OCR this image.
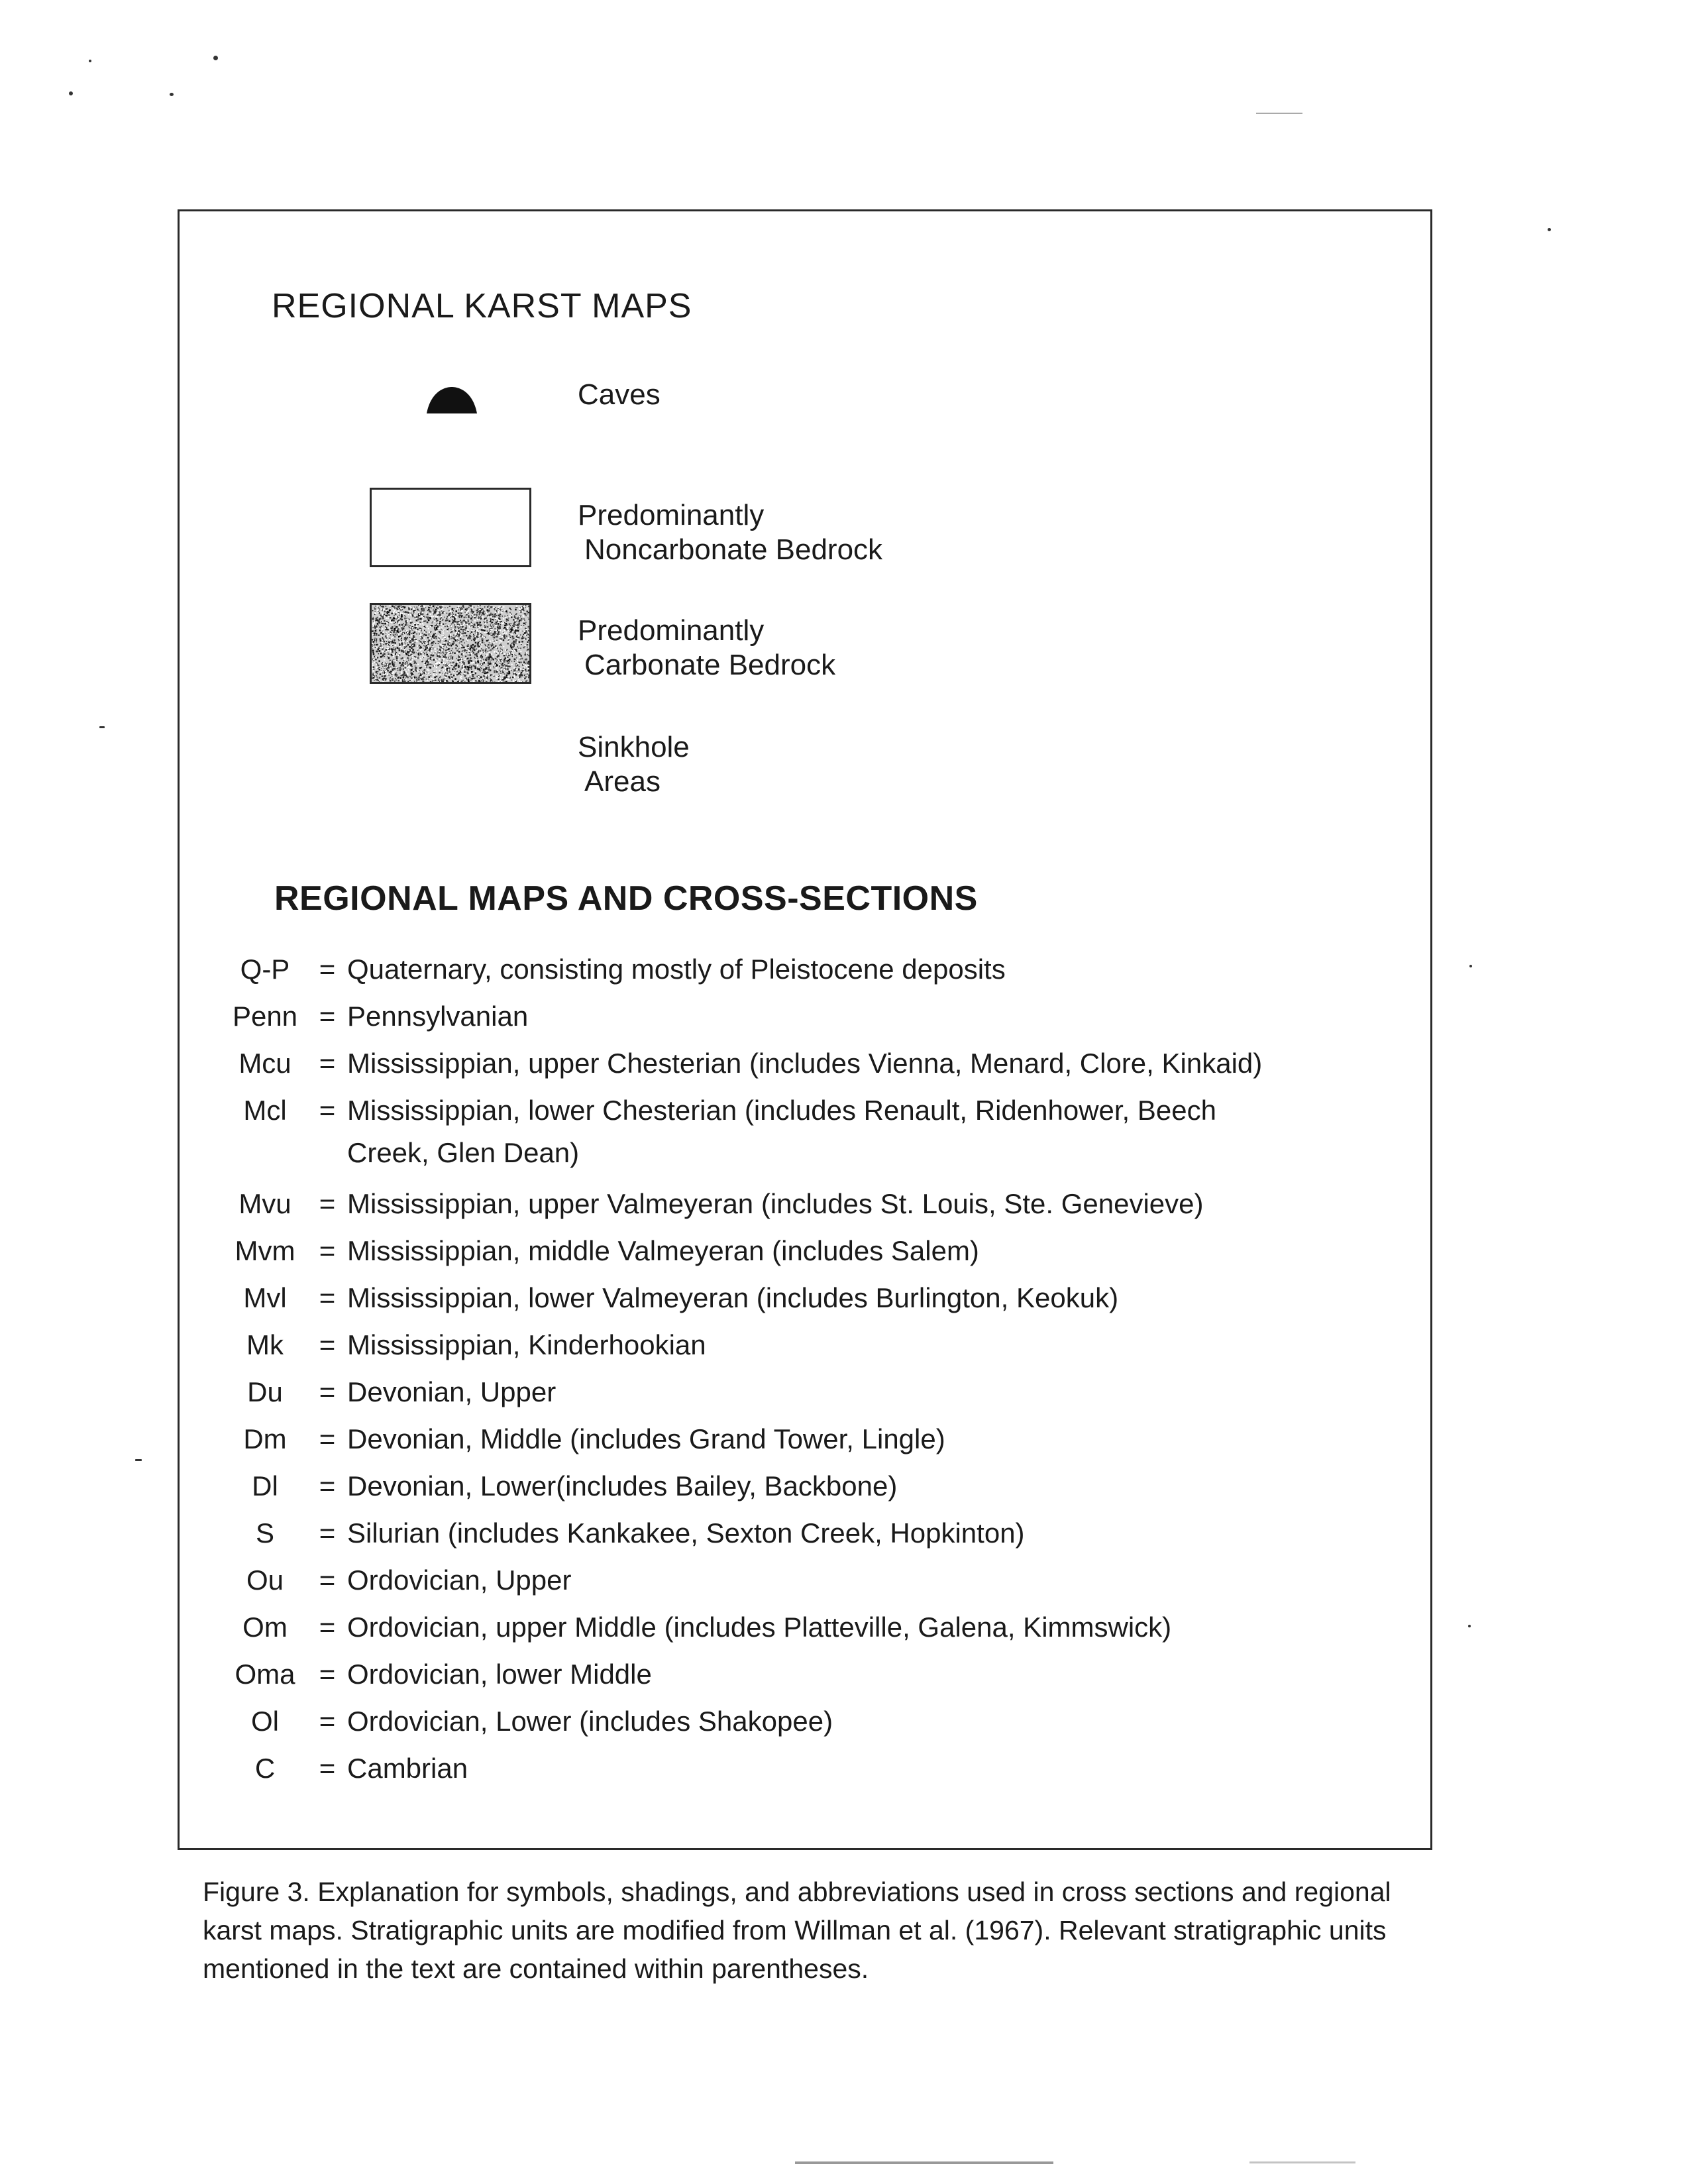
REGIONAL KARST MAPS
Caves
Predominantly
Noncarbonate Bedrock
Predominantly
Carbonate Bedrock
Sinkhole
Areas
REGIONAL MAPS AND CROSS-SECTIONS
Q-P	= Quaternary, consisting mostly of Pleistocene deposits
Penn = Pennsylvanian
Mcu	= Mississippian, upper Chesterian (includes Vienna, Menard, Clore, Kinkaid)
Mcl	= Mississippian, lower Chesterian (includes Renault, Ridenhower, Beech
Creek, Glen Dean)
Mvu	= Mississippian, upper Valmeyeran (includes St. Louis, Ste. Genevieve)
Mvm = Mississippian, middle Valmeyeran (includes Salem)
Mvl	= Mississippian, lower Valmeyeran (includes Burlington, Keokuk)
Mk	= Mississippian, Kinderhookian
Du	= Devonian, Upper
Dm	= Devonian, Middle (includes Grand Tower, Lingle)
Dl	= Devonian, Lower(includes Bailey, Backbone)
S	= Silurian (includes Kankakee, Sexton Creek, Hopkinton)
Ou	= Ordovician, Upper
Om	= Ordovician, upper Middle (includes Platteville, Galena, Kimmswick)
Oma = Ordovician, lower Middle
Ol	= Ordovician, Lower (includes Shakopee)
C	= Cambrian
Figure 3. Explanation for symbols, shadings, and abbreviations used in cross sections and regional karst maps. Stratigraphic units are modified from Willman et al. (1967). Relevant stratigraphic units mentioned in the text are contained within parentheses.
